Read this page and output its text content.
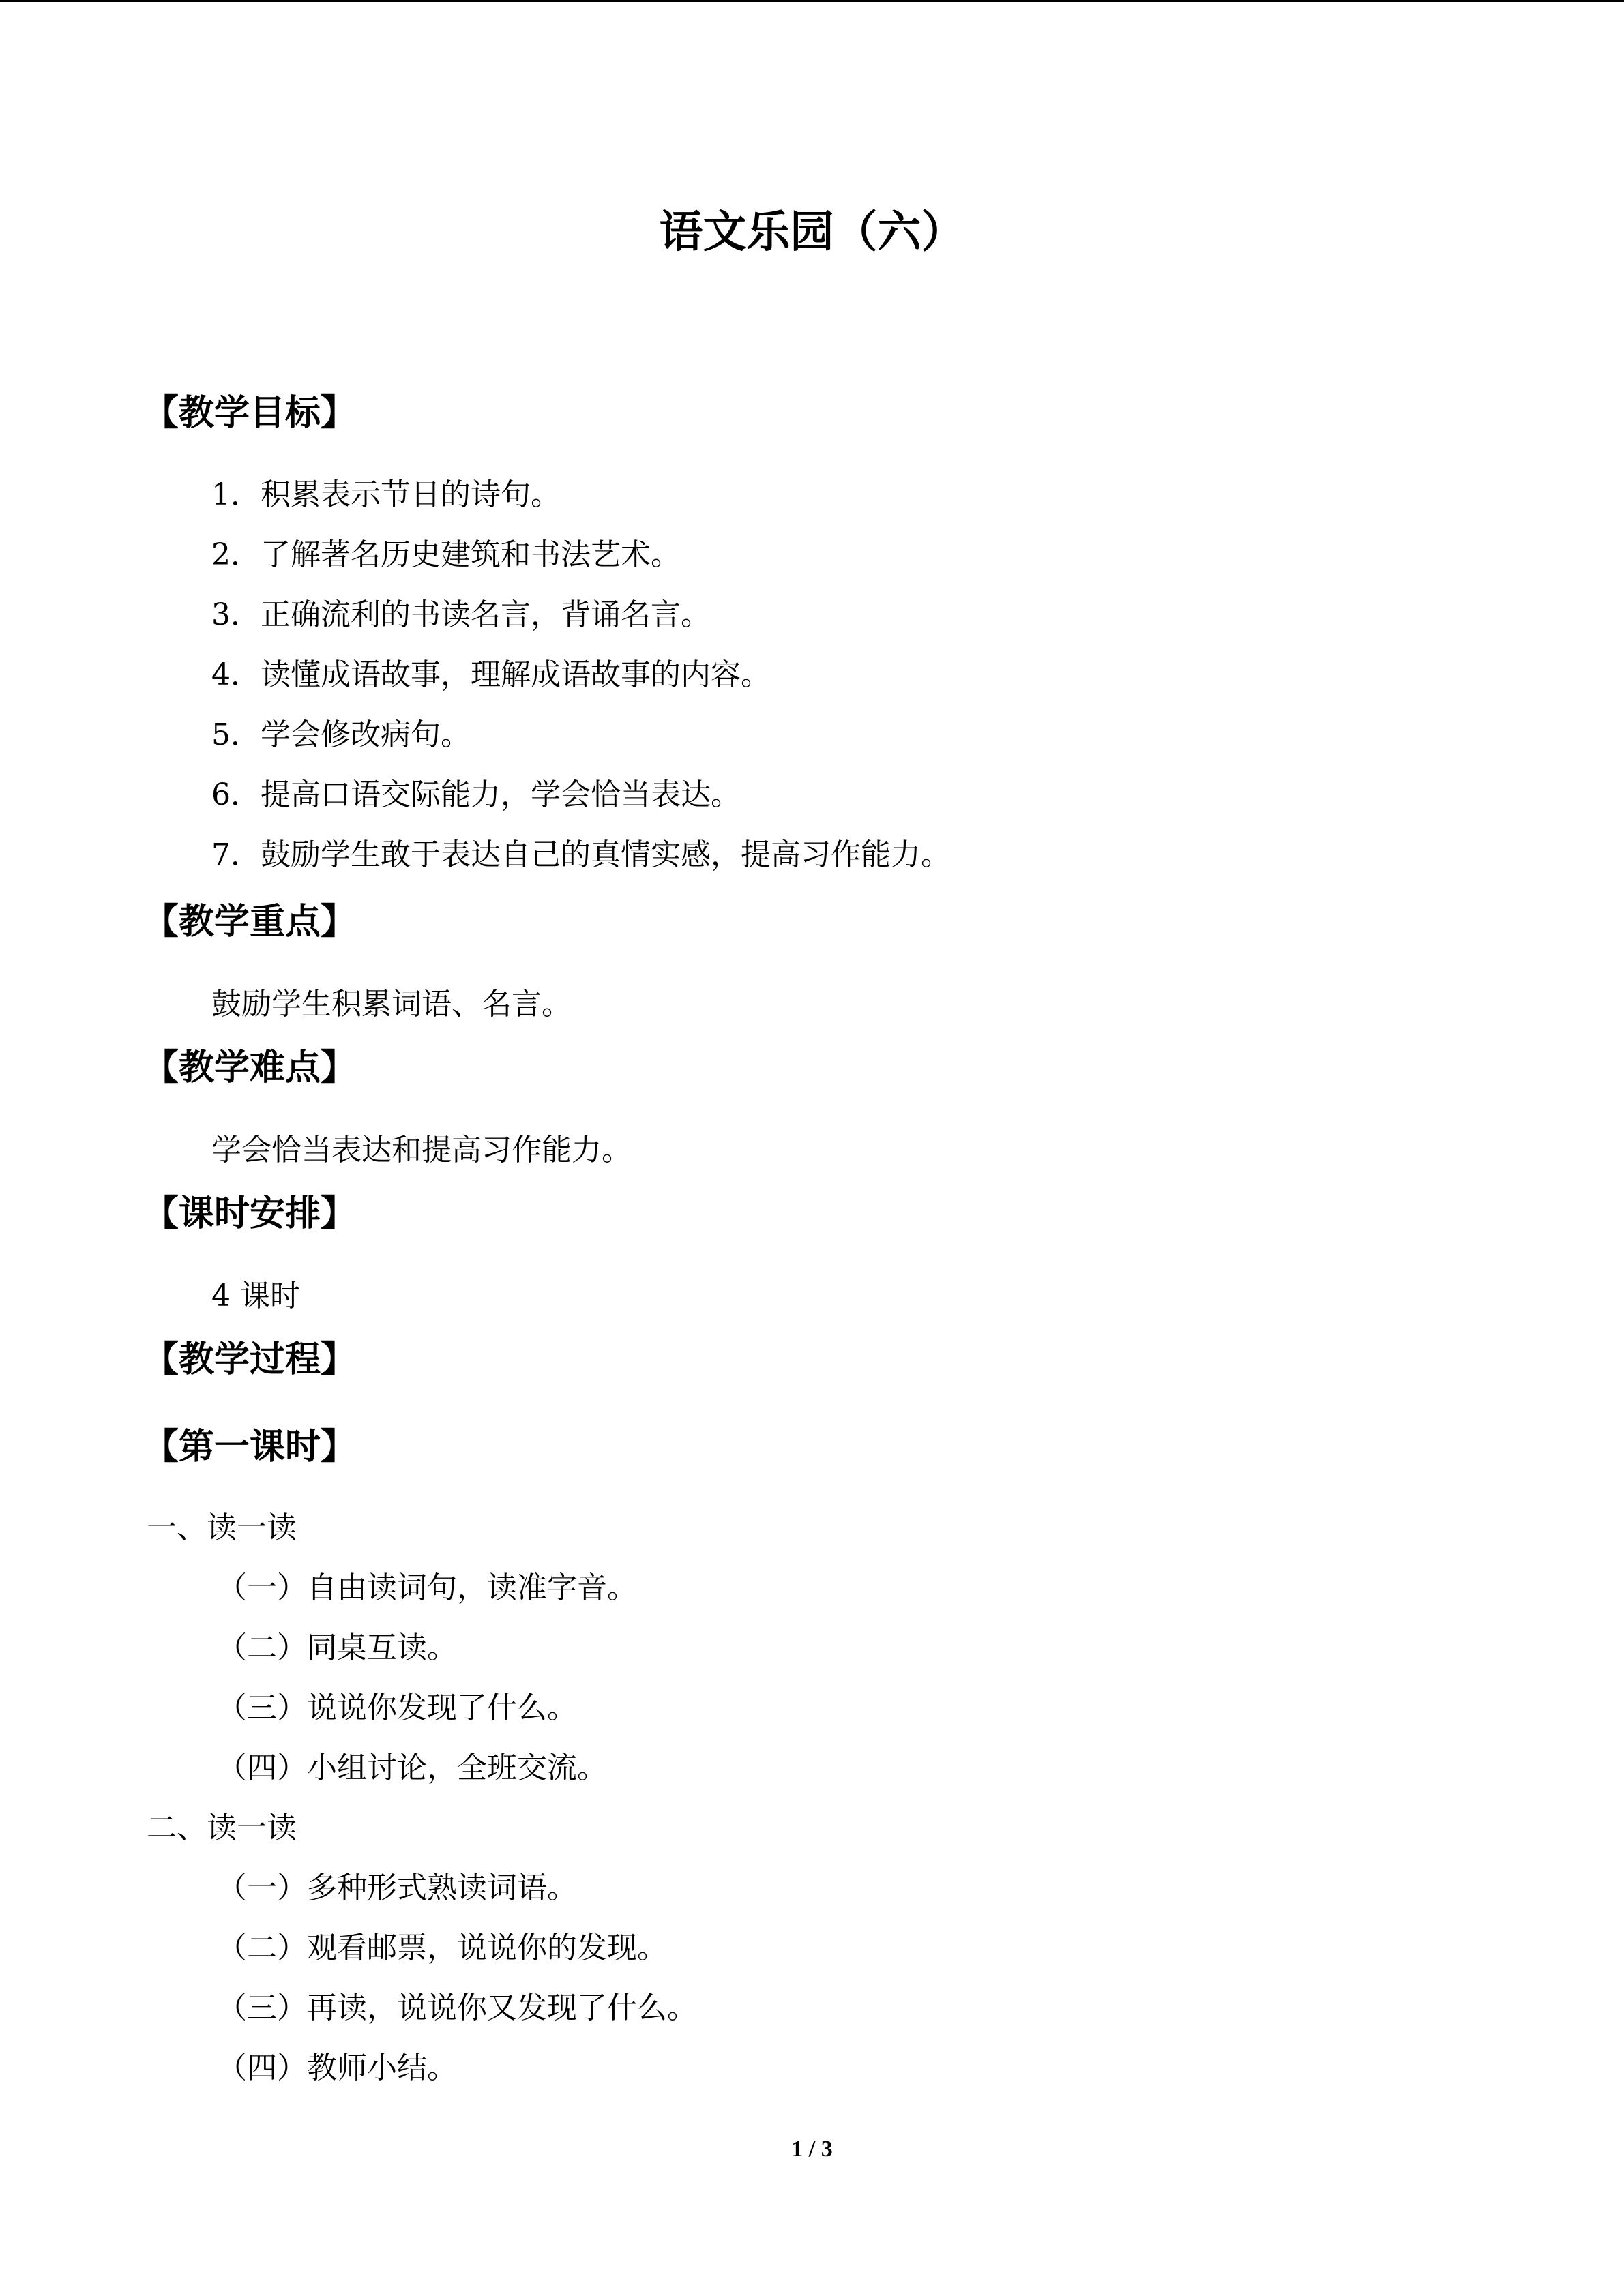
语文乐园（六）
【教学目标】
1．积累表示节日的诗句。
2．了解著名历史建筑和书法艺术。
3．正确流利的书读名言，背诵名言。
4．读懂成语故事，理解成语故事的内容。
5．学会修改病句。
6．提高口语交际能力，学会恰当表达。
7．鼓励学生敢于表达自己的真情实感，提高习作能力。
【教学重点】
鼓励学生积累词语、名言。
【教学难点】
学会恰当表达和提高习作能力。
【课时安排】
4 课时
【教学过程】
【第一课时】
一、读一读
（一）自由读词句，读准字音。
（二）同桌互读。
（三）说说你发现了什么。
（四）小组讨论，全班交流。
二、读一读
（一）多种形式熟读词语。
（二）观看邮票，说说你的发现。
（三）再读，说说你又发现了什么。
（四）教师小结。
1 / 3
